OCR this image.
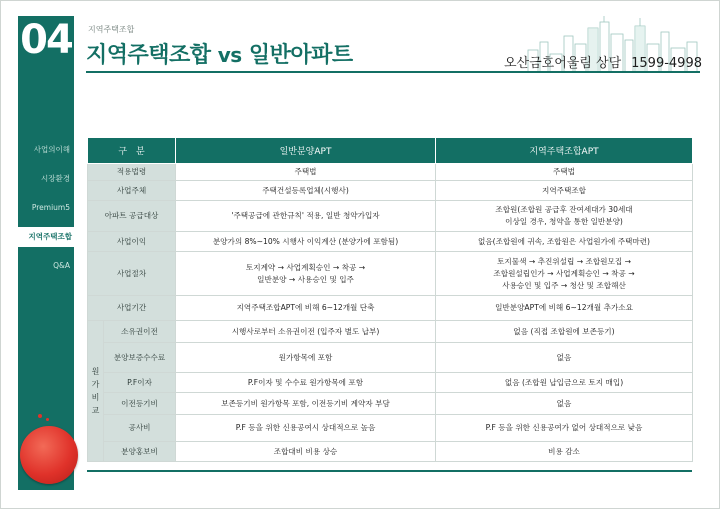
04
사업의이해
시장환경
Premium5
지역주택조합
Q&A
지역주택조합
지역주택조합 vs 일반아파트	오산금호어울림 상담 1599-4998
구　분		일반분양APT	지역주택조합APT
적용법령		주택법	주택법
사업주체		주택건설등록업체(시행사)	지역주택조합
아파트 공급대상		'주택공급에 관한규칙' 적용, 일반 청약가입자	조합원(조합원 공급후 잔여세대가 30세대
이상일 경우, 청약을 통한 일반분양)
사업이익		분양가의 8%~10% 시행사 이익계산 (분양가에 포함됨)	없음(조합원에 귀속, 조합원은 사업원가에 주택마련)
사업절차		토지계약 → 사업계획승인 → 착공 →
일반분양 → 사용승인 및 입주	토지물색 → 추진위설립 → 조합원모집 →
조합원설립인가 → 사업계획승인 → 착공 →
사용승인 및 입주 → 청산 및 조합해산
사업기간		지역주택조합APT에 비해 6~12개월 단축	일반분양APT에 비해 6~12개월 추가소요

원
가
비
교	소유권이전	시행사로부터 소유권이전 (입주자 별도 납부)	없음 (직접 조합원에 보존등기)
	분양보증수수료	원가항목에 포함	없음
	P.F이자	P.F이자 및 수수료 원가항목에 포함	없음 (조합원 납입금으로 토지 매입)
	이전등기비	보존등기비 원가항목 포함, 이전등기비 계약자 부담	없음
	공사비	P.F 등을 위한 신용공여시 상대적으로 높음	P.F 등을 위한 신용공여가 없어 상대적으로 낮음
	분양홍보비	조합대비 비용 상승	비용 감소
